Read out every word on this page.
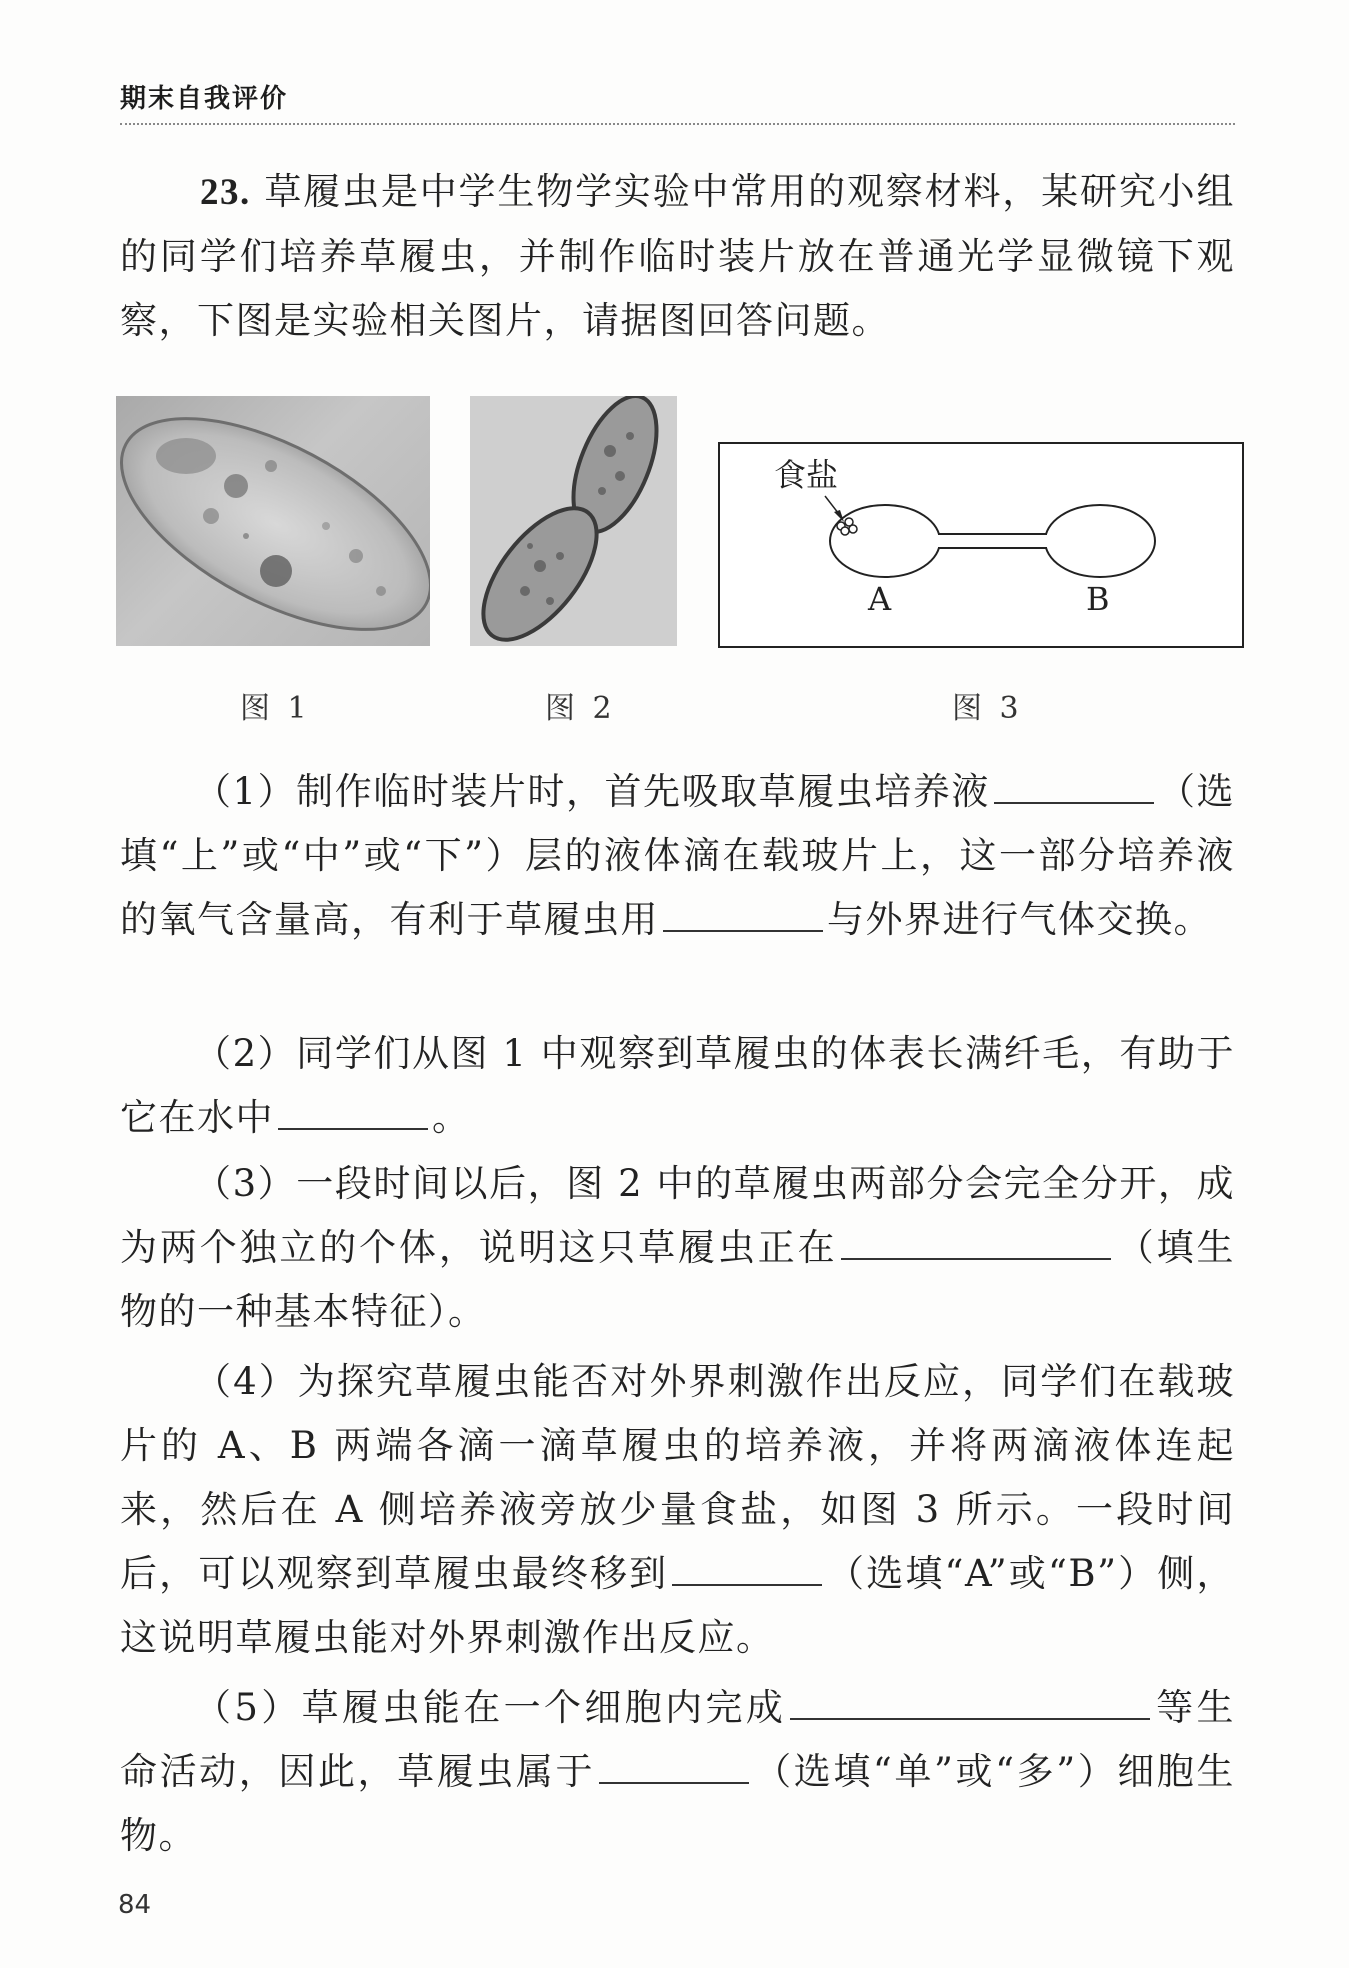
期末自我评价
23. 草履虫是中学生物学实验中常用的观察材料，某研究小组的同学们培养草履虫，并制作临时装片放在普通光学显微镜下观察，下图是实验相关图片，请据图回答问题。
食盐
A	B
图 1	图 2	图 3
（1）制作临时装片时，首先吸取草履虫培养液	（选填“上”或“中”或“下”）层的液体滴在载玻片上，这一部分培养液的氧气含量高，有利于草履虫用	与外界进行气体交换。
（2）同学们从图 1 中观察到草履虫的体表长满纤毛，有助于它在水中	。
（3）一段时间以后，图 2 中的草履虫两部分会完全分开，成为两个独立的个体，说明这只草履虫正在	（填生物的一种基本特征）。
（4）为探究草履虫能否对外界刺激作出反应，同学们在载玻片的 A、B 两端各滴一滴草履虫的培养液，并将两滴液体连起来，然后在 A 侧培养液旁放少量食盐，如图 3 所示。一段时间后，可以观察到草履虫最终移到	（选填“A”或“B”）侧，这说明草履虫能对外界刺激作出反应。
（5）草履虫能在一个细胞内完成	等生命活动，因此，草履虫属于	（选填“单”或“多”）细胞生物。
84
